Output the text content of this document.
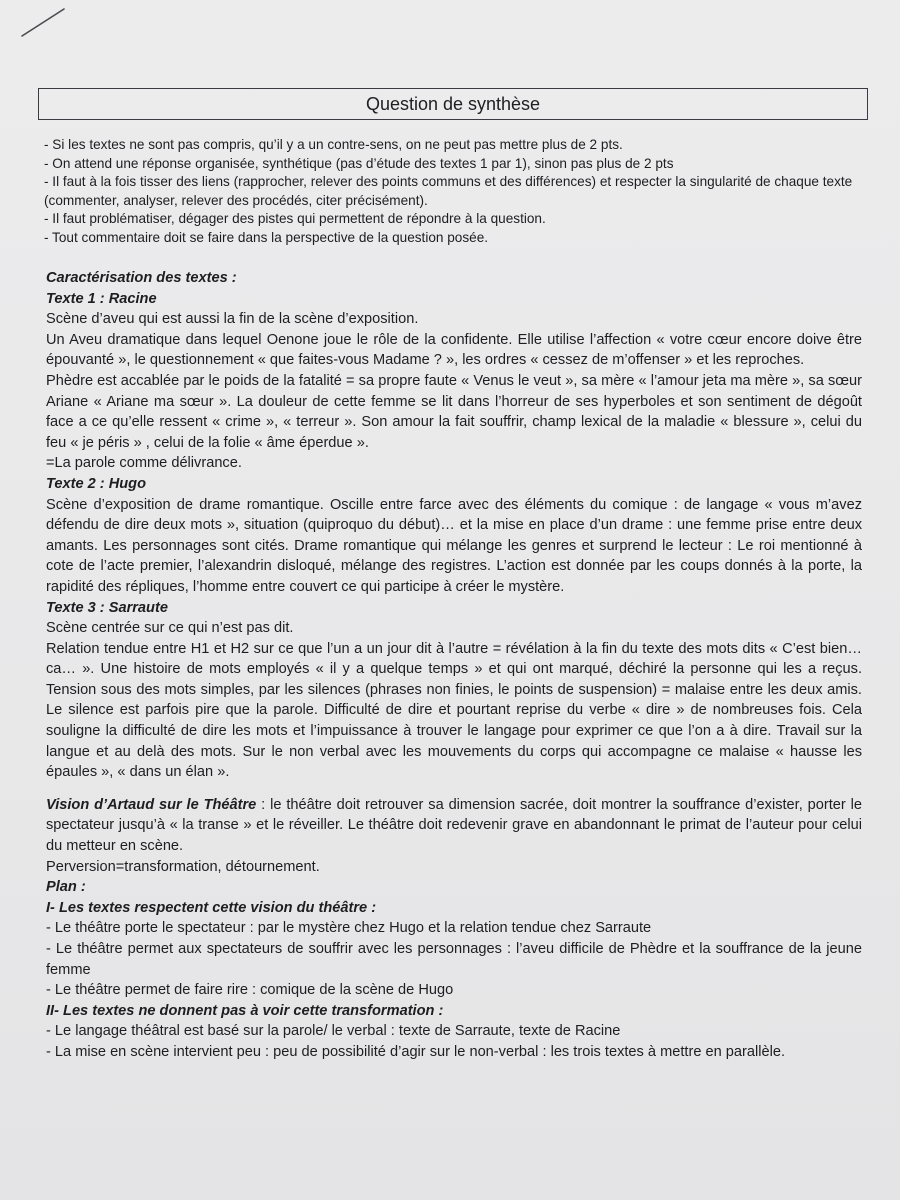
Question de synthèse
- Si les textes ne sont pas compris, qu’il y a un contre-sens, on ne peut pas mettre plus de 2 pts.
- On attend une réponse organisée, synthétique (pas d’étude des textes 1 par 1), sinon pas plus de 2 pts
- Il faut à la fois tisser des liens (rapprocher, relever des points communs et des différences) et respecter la singularité de chaque texte (commenter, analyser, relever des procédés, citer précisément).
- Il faut problématiser, dégager des pistes qui permettent de répondre à la question.
- Tout commentaire doit se faire dans la perspective de la question posée.

Caractérisation des textes :

Texte 1 : Racine

Scène d’aveu qui est aussi la fin de la scène d’exposition.

Un Aveu dramatique dans lequel Oenone joue le rôle de la confidente. Elle utilise l’affection « votre cœur encore doive être épouvanté », le questionnement « que faites-vous Madame ? », les ordres « cessez de m’offenser » et les reproches.

Phèdre est accablée par le poids de la fatalité = sa propre faute « Venus le veut », sa mère « l’amour jeta ma mère », sa sœur Ariane « Ariane ma sœur ». La douleur de cette femme se lit dans l’horreur de ses hyperboles et son sentiment de dégoût face a ce qu’elle ressent « crime », « terreur ». Son amour la fait souffrir, champ lexical de la maladie « blessure », celui du feu « je péris » , celui de la folie « âme éperdue ».

=La parole comme délivrance.

Texte 2 : Hugo

Scène d’exposition de drame romantique. Oscille entre farce avec des éléments du comique : de langage « vous m’avez défendu de dire deux mots », situation (quiproquo du début)… et la mise en place d’un drame : une femme prise entre deux amants. Les personnages sont cités. Drame romantique qui mélange les genres et surprend le lecteur : Le roi mentionné à cote de l’acte premier, l’alexandrin disloqué, mélange des registres. L’action est donnée par les coups donnés à la porte, la rapidité des répliques, l’homme entre couvert ce qui participe à créer le mystère.

Texte 3 : Sarraute

Scène centrée sur ce qui n’est pas dit.

Relation tendue entre H1 et H2 sur ce que l’un a un jour dit à l’autre = révélation à la fin du texte des mots dits « C’est bien… ca… ». Une histoire de mots employés « il y a quelque temps » et qui ont marqué, déchiré la personne qui les a reçus. Tension sous des mots simples, par les silences (phrases non finies, le points de suspension) = malaise entre les deux amis. Le silence est parfois pire que la parole. Difficulté de dire et pourtant reprise du verbe « dire » de nombreuses fois. Cela souligne la difficulté de dire les mots et l’impuissance à trouver le langage pour exprimer ce que l’on a à dire. Travail sur la langue et au delà des mots. Sur le non verbal avec les mouvements du corps qui accompagne ce malaise « hausse les épaules », « dans un élan ».

Vision d’Artaud sur le Théâtre : le théâtre doit retrouver sa dimension sacrée, doit montrer la souffrance d’exister, porter le spectateur jusqu’à « la transe » et le réveiller. Le théâtre doit redevenir grave en abandonnant le primat de l’auteur pour celui du metteur en scène.

Perversion=transformation, détournement.

Plan :

I- Les textes respectent cette vision du théâtre :

- Le théâtre porte le spectateur : par le mystère chez Hugo et la relation tendue chez Sarraute

- Le théâtre permet aux spectateurs de souffrir avec les personnages : l’aveu difficile de Phèdre et la souffrance de la jeune femme

- Le théâtre permet de faire rire : comique de la scène de Hugo

II- Les textes ne donnent pas à voir cette transformation :

- Le langage théâtral est basé sur la parole/ le verbal : texte de Sarraute, texte de Racine

- La mise en scène intervient peu : peu de possibilité d’agir sur le non-verbal : les trois textes à mettre en parallèle.
